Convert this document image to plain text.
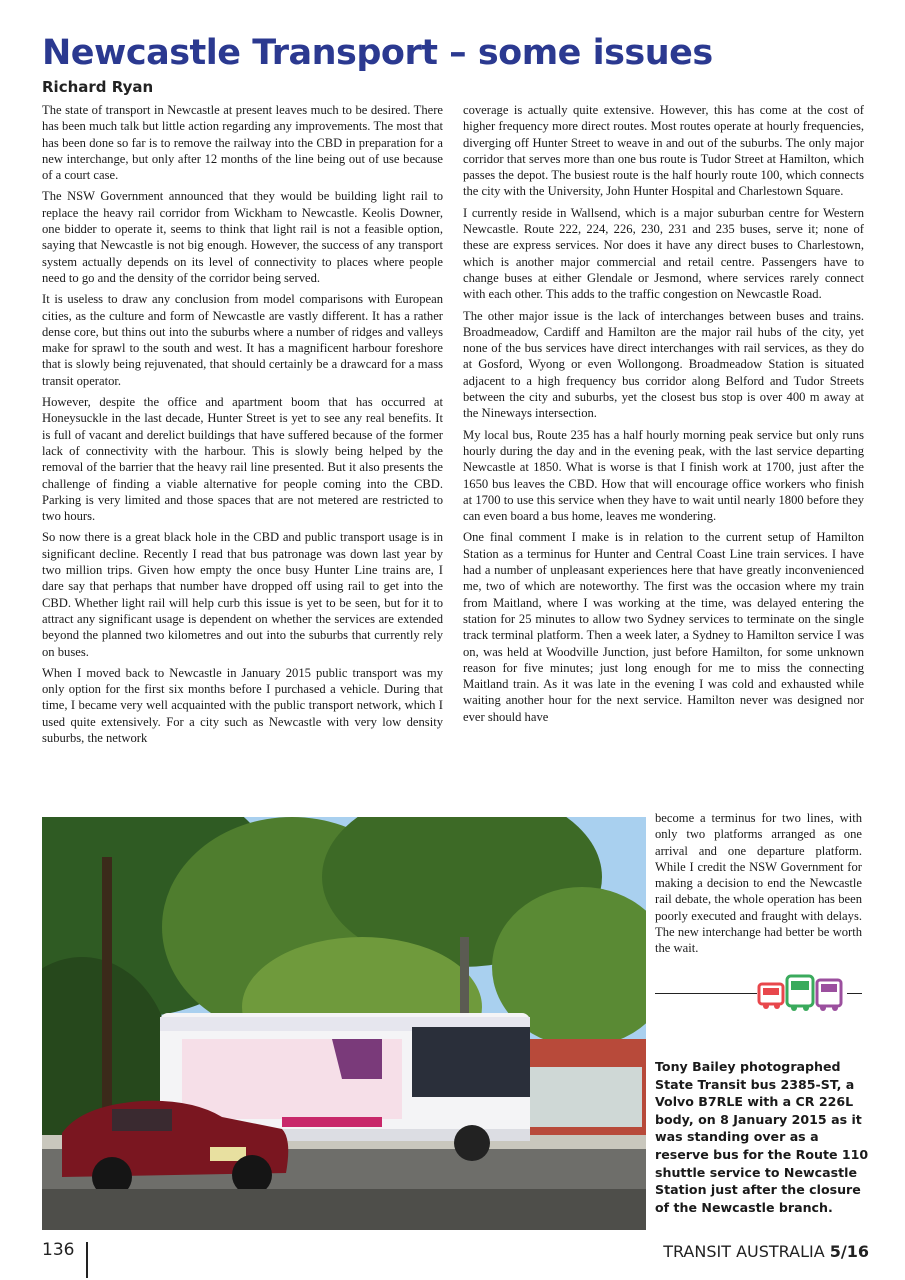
Newcastle Transport – some issues
Richard Ryan

The state of transport in Newcastle at present leaves much to be desired. There has been much talk but little action regarding any improvements. The most that has been done so far is to remove the railway into the CBD in preparation for a new interchange, but only after 12 months of the line being out of use because of a court case.

The NSW Government announced that they would be building light rail to replace the heavy rail corridor from Wickham to Newcastle. Keolis Downer, one bidder to operate it, seems to think that light rail is not a feasible option, saying that Newcastle is not big enough. However, the success of any transport system actually depends on its level of connectivity to places where people need to go and the density of the corridor being served.

It is useless to draw any conclusion from model comparisons with European cities, as the culture and form of Newcastle are vastly different. It has a rather dense core, but thins out into the suburbs where a number of ridges and valleys make for sprawl to the south and west. It has a magnificent harbour foreshore that is slowly being rejuvenated, that should certainly be a drawcard for a mass transit operator.

However, despite the office and apartment boom that has occurred at Honeysuckle in the last decade, Hunter Street is yet to see any real benefits. It is full of vacant and derelict buildings that have suffered because of the former lack of connectivity with the harbour. This is slowly being helped by the removal of the barrier that the heavy rail line presented. But it also presents the challenge of finding a viable alternative for people coming into the CBD. Parking is very limited and those spaces that are not metered are restricted to two hours.

So now there is a great black hole in the CBD and public transport usage is in significant decline. Recently I read that bus patronage was down last year by two million trips. Given how empty the once busy Hunter Line trains are, I dare say that perhaps that number have dropped off using rail to get into the CBD. Whether light rail will help curb this issue is yet to be seen, but for it to attract any significant usage is dependent on whether the services are extended beyond the planned two kilometres and out into the suburbs that currently rely on buses.

When I moved back to Newcastle in January 2015 public transport was my only option for the first six months before I purchased a vehicle. During that time, I became very well acquainted with the public transport network, which I used quite extensively. For a city such as Newcastle with very low density suburbs, the network

coverage is actually quite extensive. However, this has come at the cost of higher frequency more direct routes. Most routes operate at hourly frequencies, diverging off Hunter Street to weave in and out of the suburbs. The only major corridor that serves more than one bus route is Tudor Street at Hamilton, which passes the depot. The busiest route is the half hourly route 100, which connects the city with the University, John Hunter Hospital and Charlestown Square.

I currently reside in Wallsend, which is a major suburban centre for Western Newcastle. Route 222, 224, 226, 230, 231 and 235 buses, serve it; none of these are express services. Nor does it have any direct buses to Charlestown, which is another major commercial and retail centre. Passengers have to change buses at either Glendale or Jesmond, where services rarely connect with each other. This adds to the traffic congestion on Newcastle Road.

The other major issue is the lack of interchanges between buses and trains. Broadmeadow, Cardiff and Hamilton are the major rail hubs of the city, yet none of the bus services have direct interchanges with rail services, as they do at Gosford, Wyong or even Wollongong. Broadmeadow Station is situated adjacent to a high frequency bus corridor along Belford and Tudor Streets between the city and suburbs, yet the closest bus stop is over 400 m away at the Nineways intersection.

My local bus, Route 235 has a half hourly morning peak service but only runs hourly during the day and in the evening peak, with the last service departing Newcastle at 1850. What is worse is that I finish work at 1700, just after the 1650 bus leaves the CBD. How that will encourage office workers who finish at 1700 to use this service when they have to wait until nearly 1800 before they can even board a bus home, leaves me wondering.

One final comment I make is in relation to the current setup of Hamilton Station as a terminus for Hunter and Central Coast Line train services. I have had a number of unpleasant experiences here that have greatly inconvenienced me, two of which are noteworthy. The first was the occasion where my train from Maitland, where I was working at the time, was delayed entering the station for 25 minutes to allow two Sydney services to terminate on the single track terminal platform. Then a week later, a Sydney to Hamilton service I was on, was held at Woodville Junction, just before Hamilton, for some unknown reason for five minutes; just long enough for me to miss the connecting Maitland train. As it was late in the evening I was cold and exhausted while waiting another hour for the next service. Hamilton never was designed nor ever should have

become a terminus for two lines, with only two platforms arranged as one arrival and one departure platform. While I credit the NSW Government for making a decision to end the Newcastle rail debate, the whole operation has been poorly executed and fraught with delays. The new interchange had better be worth the wait.
Tony Bailey photographed State Transit bus 2385-ST, a Volvo B7RLE with a CR 226L body, on 8 January 2015 as it was standing over as a reserve bus for the Route 110 shuttle service to Newcastle Station just after the closure of the Newcastle branch.
136	TRANSIT AUSTRALIA 5/16
